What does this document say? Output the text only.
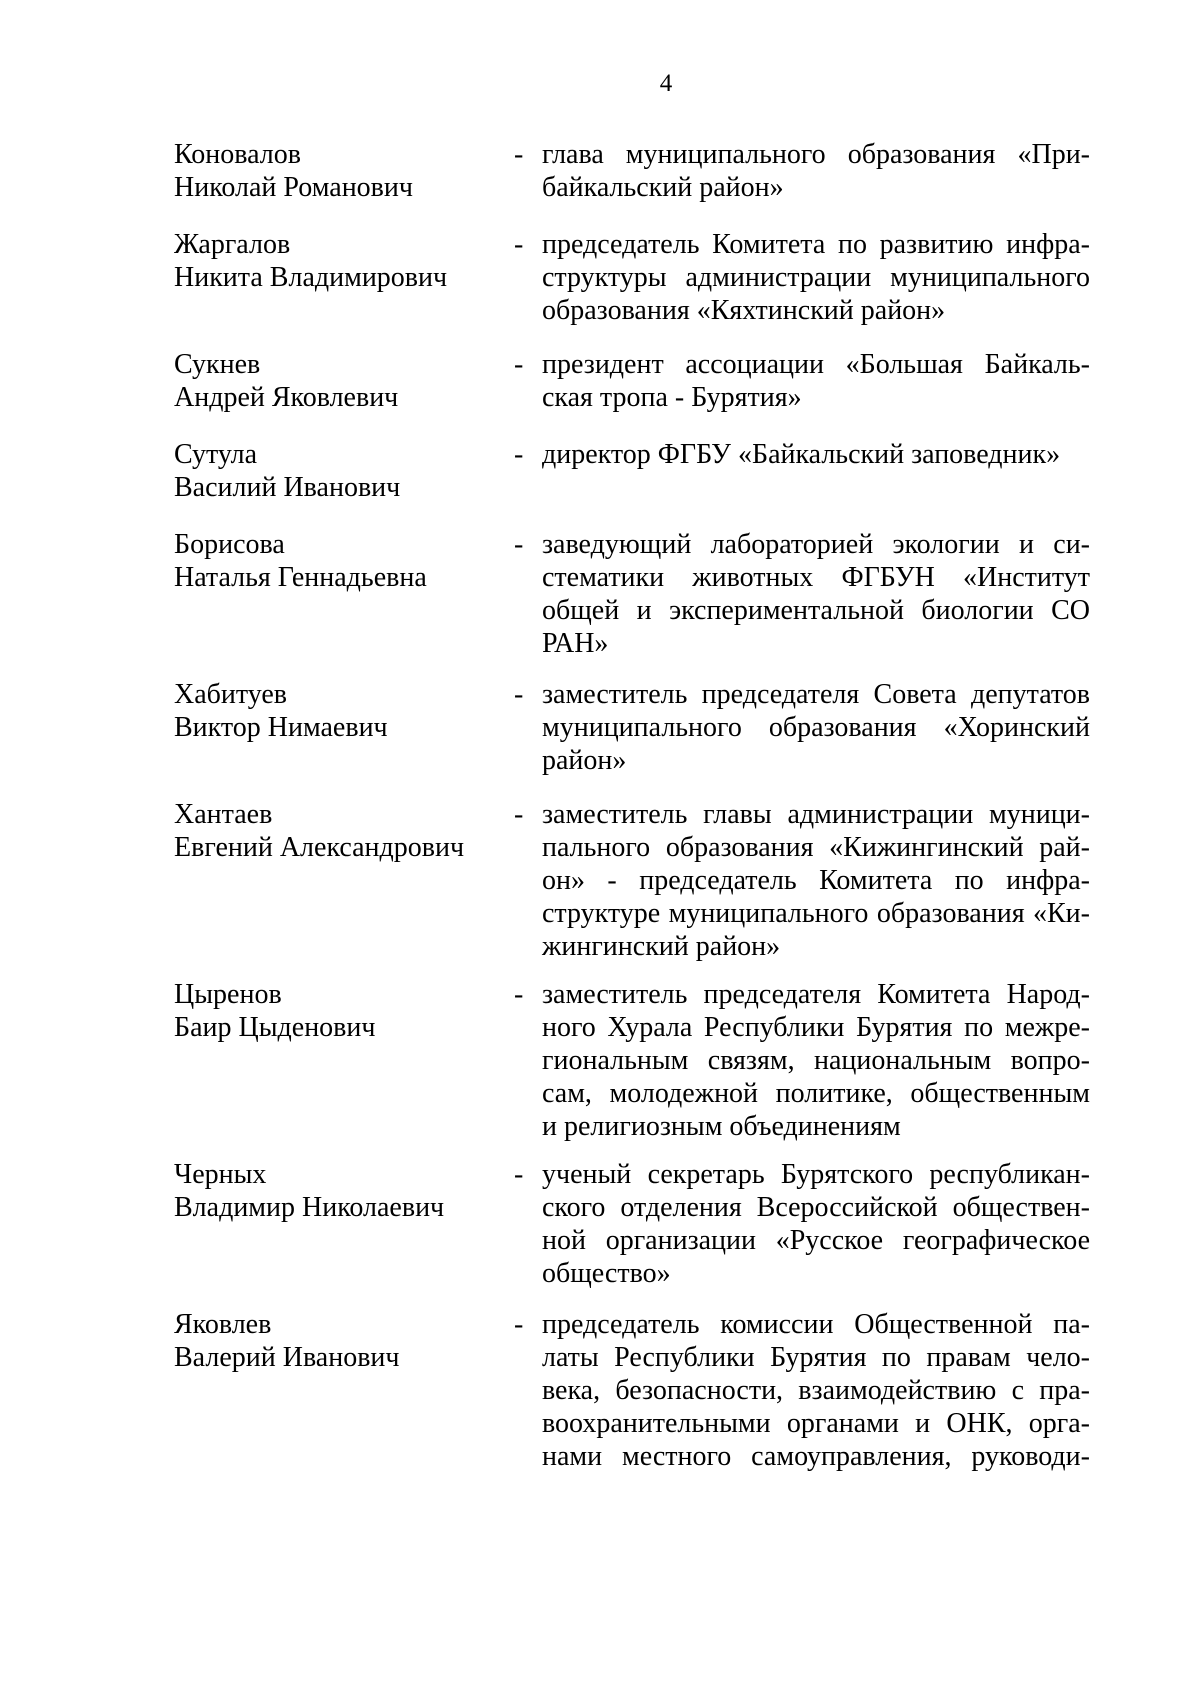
4
Коновалов
Николай Романович
- глава муниципального образования «При-
байкальский район»
Жаргалов
Никита Владимирович
- председатель Комитета по развитию инфра-
структуры администрации муниципального
образования «Кяхтинский район»
Сукнев
Андрей Яковлевич
- президент ассоциации «Большая Байкаль-
ская тропа - Бурятия»
Сутула
Василий Иванович
- директор ФГБУ «Байкальский заповедник»
Борисова
Наталья Геннадьевна
- заведующий лабораторией экологии и си-
стематики животных ФГБУН «Институт
общей и экспериментальной биологии СО
РАН»
Хабитуев
Виктор Нимаевич
- заместитель председателя Совета депутатов
муниципального образования «Хоринский
район»
Хантаев
Евгений Александрович
- заместитель главы администрации муници-
пального образования «Кижингинский рай-
он» - председатель Комитета по инфра-
структуре муниципального образования «Ки-
жингинский район»
Цыренов
Баир Цыденович
- заместитель председателя Комитета Народ-
ного Хурала Республики Бурятия по межре-
гиональным связям, национальным вопро-
сам, молодежной политике, общественным
и религиозным объединениям
Черных
Владимир Николаевич
- ученый секретарь Бурятского республикан-
ского отделения Всероссийской обществен-
ной организации «Русское географическое
общество»
Яковлев
Валерий Иванович
- председатель комиссии Общественной па-
латы Республики Бурятия по правам чело-
века, безопасности, взаимодействию с пра-
воохранительными органами и ОНК, орга-
нами местного самоуправления, руководи-
